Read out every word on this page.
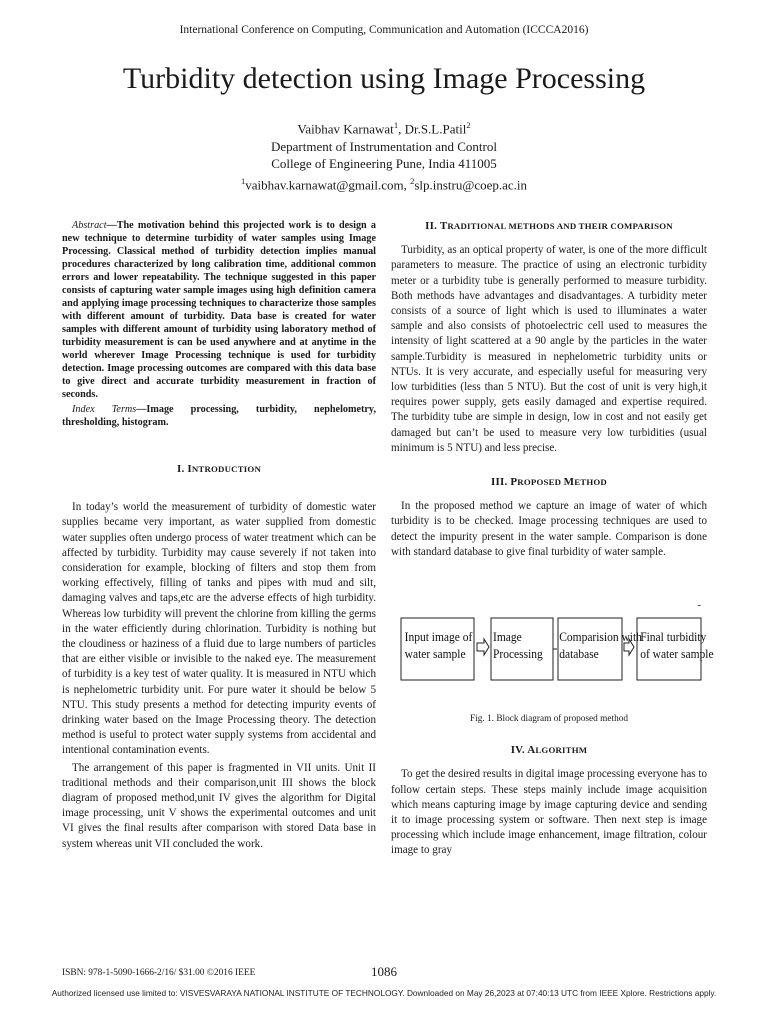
International Conference on Computing, Communication and Automation (ICCCA2016)
Turbidity detection using Image Processing
Vaibhav Karnawat$^1$, Dr.S.L.Patil$^2$
Department of Instrumentation and Control
College of Engineering Pune, India 411005
$^1$vaibhav.karnawat@gmail.com, $^2$slp.instru@coep.ac.in

Abstract—The motivation behind this projected work is to design a new technique to determine turbidity of water samples using Image Processing. Classical method of turbidity detection implies manual procedures characterized by long calibration time, additional common errors and lower repeatability. The technique suggested in this paper consists of capturing water sample images using high definition camera and applying image processing techniques to characterize those samples with different amount of turbidity. Data base is created for water samples with different amount of turbidity using laboratory method of turbidity measurement is can be used anywhere and at anytime in the world wherever Image Processing technique is used for turbidity detection. Image processing outcomes are compared with this data base to give direct and accurate turbidity measurement in fraction of seconds.

Index Terms—Image processing, turbidity, nephelometry, thresholding, histogram.

I. INTRODUCTION

In today’s world the measurement of turbidity of domestic water supplies became very important, as water supplied from domestic water supplies often undergo process of water treatment which can be affected by turbidity. Turbidity may cause severely if not taken into consideration for example, blocking of filters and stop them from working effectively, filling of tanks and pipes with mud and silt, damaging valves and taps,etc are the adverse effects of high turbidity. Whereas low turbidity will prevent the chlorine from killing the germs in the water efficiently during chlorination. Turbidity is nothing but the cloudiness or haziness of a fluid due to large numbers of particles that are either visible or invisible to the naked eye. The measurement of turbidity is a key test of water quality. It is measured in NTU which is nephelometric turbidity unit. For pure water it should be below 5 NTU. This study presents a method for detecting impurity events of drinking water based on the Image Processing theory. The detection method is useful to protect water supply systems from accidental and intentional contamination events.

The arrangement of this paper is fragmented in VII units. Unit II traditional methods and their comparison,unit III shows the block diagram of proposed method,unit IV gives the algorithm for Digital image processing, unit V shows the experimental outcomes and unit VI gives the final results after comparison with stored Data base in system whereas unit VII concluded the work.

II. TRADITIONAL METHODS AND THEIR COMPARISON

Turbidity, as an optical property of water, is one of the more difficult parameters to measure. The practice of using an electronic turbidity meter or a turbidity tube is generally performed to measure turbidity. Both methods have advantages and disadvantages. A turbidity meter consists of a source of light which is used to illuminates a water sample and also consists of photoelectric cell used to measures the intensity of light scattered at a 90 angle by the particles in the water sample.Turbidity is measured in nephelometric turbidity units or NTUs. It is very accurate, and especially useful for measuring very low turbidities (less than 5 NTU). But the cost of unit is very high,it requires power supply, gets easily damaged and expertise required. The turbidity tube are simple in design, low in cost and not easily get damaged but can’t be used to measure very low turbidities (usual minimum is 5 NTU) and less precise.

III. PROPOSED METHOD

In the proposed method we capture an image of water of which turbidity is to be checked. Image processing techniques are used to detect the impurity present in the water sample. Comparison is done with standard database to give final turbidity of water sample.

-
Input image of
water sample
Image
Processing
Comparision with
database
Final turbidity
of water sample

Fig. 1. Block diagram of proposed method

IV. ALGORITHM

To get the desired results in digital image processing everyone has to follow certain steps. These steps mainly include image acquisition which means capturing image by image capturing device and sending it to image processing system or software. Then next step is image processing which include image enhancement, image filtration, colour image to gray

ISBN: 978-1-5090-1666-2/16/ $31.00 ©2016 IEEE	1086
Authorized licensed use limited to: VISVESVARAYA NATIONAL INSTITUTE OF TECHNOLOGY. Downloaded on May 26,2023 at 07:40:13 UTC from IEEE Xplore. Restrictions apply.
